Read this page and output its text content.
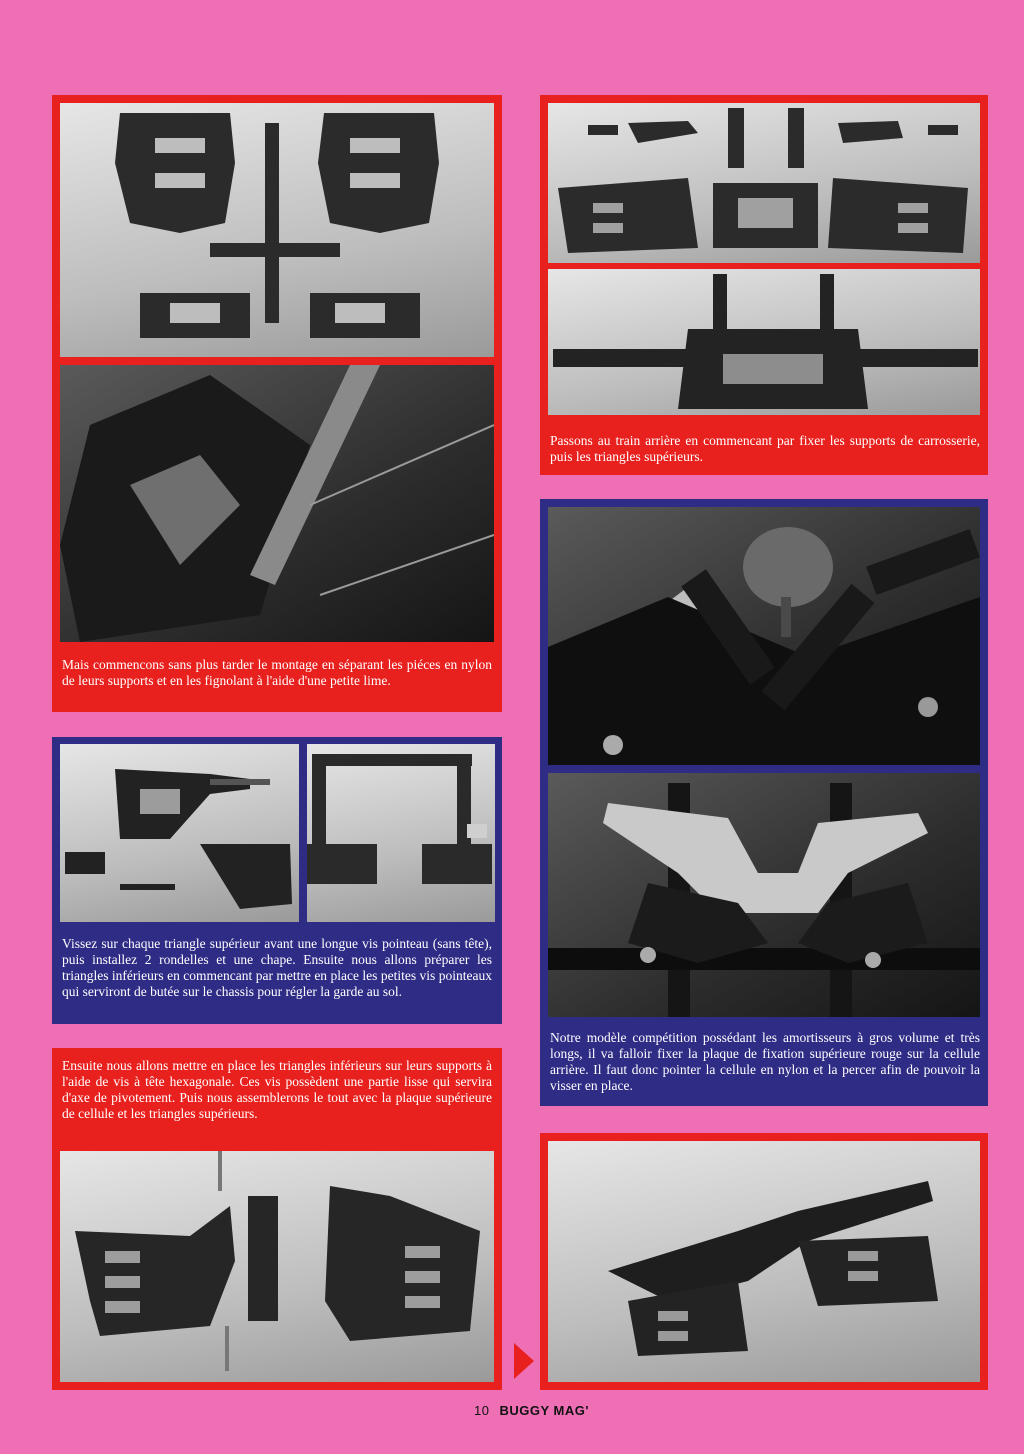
Mais commencons sans plus tarder le montage en séparant les piéces en nylon de leurs supports et en les fignolant à l'aide d'une petite lime.

Passons au train arrière en commencant par fixer les supports de carrosserie, puis les triangles supérieurs.

Vissez sur chaque triangle supérieur avant une longue vis pointeau (sans tête), puis installez 2 rondelles et une chape. Ensuite nous allons préparer les triangles inférieurs en commencant par mettre en place les petites vis pointeaux qui serviront de butée sur le chassis pour régler la garde au sol.

Notre modèle compétition possédant les amortisseurs à gros volume et très longs, il va falloir fixer la plaque de fixation supérieure rouge sur la cellule arrière. Il faut donc pointer la cellule en nylon et la percer afin de pouvoir la visser en place.

Ensuite nous allons mettre en place les triangles inférieurs sur leurs supports à l'aide de vis à tête hexagonale. Ces vis possèdent une partie lisse qui servira d'axe de pivotement. Puis nous assemblerons le tout avec la plaque supérieure de cellule et les triangles supérieurs.

10 BUGGY MAG'
